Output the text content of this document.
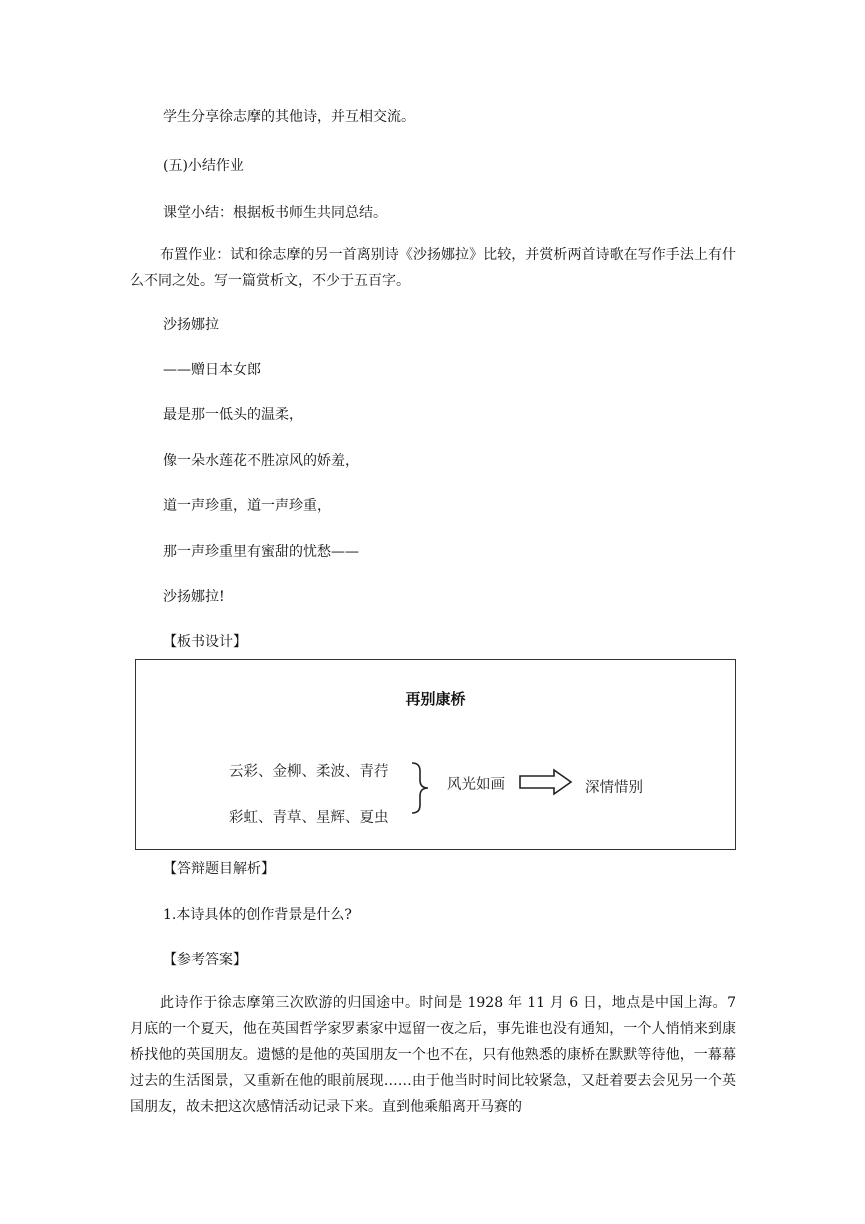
学生分享徐志摩的其他诗，并互相交流。
(五)小结作业
课堂小结：根据板书师生共同总结。
布置作业：试和徐志摩的另一首离别诗《沙扬娜拉》比较，并赏析两首诗歌在写作手法上有什么不同之处。写一篇赏析文，不少于五百字。
沙扬娜拉
——赠日本女郎
最是那一低头的温柔，
像一朵水莲花不胜凉风的娇羞，
道一声珍重，道一声珍重，
那一声珍重里有蜜甜的忧愁——
沙扬娜拉!
【板书设计】
再别康桥
云彩、金柳、柔波、青荇
彩虹、青草、星辉、夏虫
风光如画	深情惜别
【答辩题目解析】
1.本诗具体的创作背景是什么?
【参考答案】
此诗作于徐志摩第三次欧游的归国途中。时间是 1928 年 11 月 6 日，地点是中国上海。7 月底的一个夏天，他在英国哲学家罗素家中逗留一夜之后，事先谁也没有通知，一个人悄悄来到康桥找他的英国朋友。遗憾的是他的英国朋友一个也不在，只有他熟悉的康桥在默默等待他，一幕幕过去的生活图景，又重新在他的眼前展现……由于他当时时间比较紧急，又赶着要去会见另一个英国朋友，故未把这次感情活动记录下来。直到他乘船离开马赛的
